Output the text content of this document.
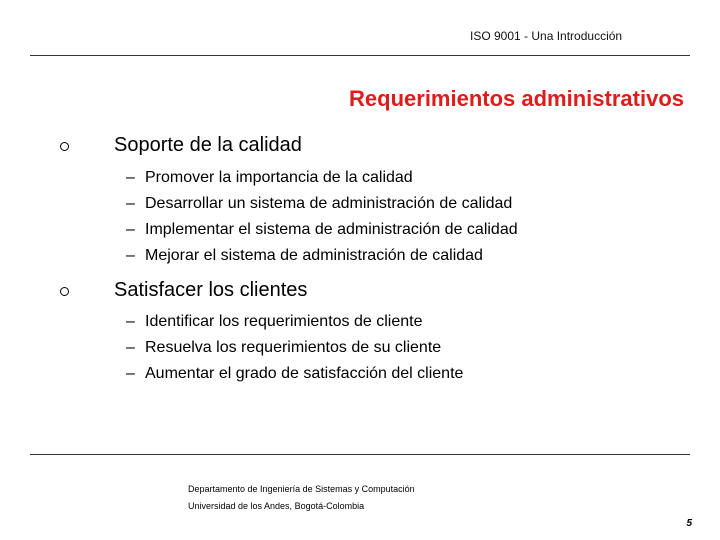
ISO 9001 - Una Introducción
Requerimientos administrativos
Soporte de la calidad
– Promover la importancia de la calidad
– Desarrollar un sistema de administración de calidad
– Implementar el sistema de administración de calidad
– Mejorar el sistema de administración de calidad
Satisfacer los clientes
– Identificar los requerimientos de cliente
– Resuelva los requerimientos de su cliente
– Aumentar el grado de satisfacción del cliente
Departamento de Ingeniería de Sistemas y Computación
Universidad de los Andes, Bogotá-Colombia
5
